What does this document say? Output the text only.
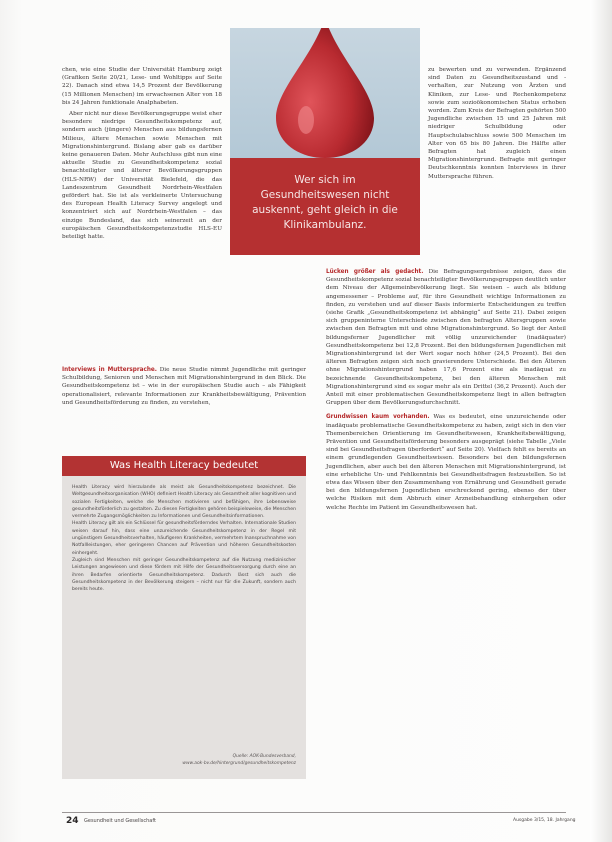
Wer sich im Gesundheitswesen nicht auskennt, geht gleich in die Klinikambulanz.

chen, wie eine Studie der Universität Hamburg zeigt (Grafiken Seite 20/21, Lese- und Wohltipps auf Seite 22). Danach sind etwa 14,5 Prozent der Bevölkerung (15 Millionen Menschen) im erwachsenen Alter von 18 bis 24 Jahren funktionale Analphabeten.

Aber nicht nur diese Bevölkerungsgruppe weist eher besondere niedrige Gesundheitskompetenz auf, sondern auch (jüngere) Menschen aus bildungsfernen Milieus, ältere Menschen sowie Menschen mit Migrationshintergrund. Bislang aber gab es darüber keine genaueren Daten. Mehr Aufschluss gibt nun eine aktuelle Studie zu Gesundheitskompetenz sozial benachteiligter und älterer Bevölkerungsgruppen (HLS-NRW) der Universität Bielefeld, die das Landeszentrum Gesundheit Nordrhein-Westfalen gefördert hat. Sie ist als verkleinerte Untersuchung des European Health Literacy Survey angelegt und konzentriert sich auf Nordrhein-Westfalen – das einzige Bundesland, das sich seinerzeit an der europäischen Gesundheitskompetenzstudie HLS-EU beteiligt hatte.

Interviews in Muttersprache. Die neue Studie nimmt Jugendliche mit geringer Schulbildung, Senioren und Menschen mit Migrationshintergrund in den Blick. Die Gesundheitskompetenz ist – wie in der europäischen Studie auch – als Fähigkeit operationalisiert, relevante Informationen zur Krankheitsbewältigung, Prävention und Gesundheitsförderung zu finden, zu verstehen,

Was Health Literacy bedeutet

Health Literacy wird hierzulande als meist als Gesundheitskompetenz bezeichnet. Die Weltgesundheitsorganisation (WHO) definiert Health Literacy als Gesamtheit aller kognitiven und sozialen Fertigkeiten, welche die Menschen motivieren und befähigen, ihre Lebensweise gesundheitsförderlich zu gestalten. Zu diesen Fertigkeiten gehören beispielsweise, die Menschen vermehrte Zugangsmöglichkeiten zu Informationen und Gesundheitsinformationen.

Health Literacy gilt als ein Schlüssel für gesundheitsförderndes Verhalten. Internationale Studien weisen darauf hin, dass eine unzureichende Gesundheitskompetenz in der Regel mit ungünstigem Gesundheitsverhalten, häufigeren Krankheiten, vermehrtem Inanspruchnahme von Notfallleistungen, eher geringeren Chancen auf Prävention und höheren Gesundheitskosten einhergeht.

Zugleich sind Menschen mit geringer Gesundheitskompetenz auf die Nutzung medizinischer Leistungen angewiesen und diese fördern mit Hilfe der Gesundheitsversorgung durch eine an ihren Bedarfen orientierte Gesundheitskompetenz. Dadurch lässt sich auch die Gesundheitskompetenz in der Bevölkerung steigern – nicht nur für die Zukunft, sondern auch bereits heute.

Quelle: AOK-Bundesverband,
www.aok-bv.de/hintergrund/gesundheitskompetenz

zu bewerten und zu verwenden. Ergänzend sind Daten zu Gesundheitszustand und -verhalten, zur Nutzung von Ärzten und Kliniken, zur Lese- und Rechenkompetenz sowie zum sozioökonomischen Status erhoben worden. Zum Kreis der Befragten gehörten 500 Jugendliche zwischen 15 und 25 Jahren mit niedriger Schulbildung oder Hauptschulabschluss sowie 500 Menschen im Alter von 65 bis 80 Jahren. Die Hälfte aller Befragten hat zugleich einen Migrationshintergrund. Befragte mit geringer Deutschkenntnis konnten Interviews in ihrer Muttersprache führen.

Lücken größer als gedacht. Die Befragungsergebnisse zeigen, dass die Gesundheitskompetenz sozial benachteiligter Bevölkerungsgruppen deutlich unter dem Niveau der Allgemeinbevölkerung liegt. Sie weisen – auch als bildung angemessener – Probleme auf, für ihre Gesundheit wichtige Informationen zu finden, zu verstehen und auf dieser Basis informierte Entscheidungen zu treffen (siehe Grafik „Gesundheitskompetenz ist abhängig“ auf Seite 21). Dabei zeigen sich gruppeninterne Unterschiede zwischen den befragten Altersgruppen sowie zwischen den Befragten mit und ohne Migrationshintergrund. So liegt der Anteil bildungsferner Jugendlicher mit völlig unzureichender (inadäquater) Gesundheitskompetenz bei 12,8 Prozent. Bei den bildungsfernen Jugendlichen mit Migrationshintergrund ist der Wert sogar noch höher (24,5 Prozent). Bei den älteren Befragten zeigen sich noch gravierendere Unterschiede. Bei den Älteren ohne Migrationshintergrund haben 17,6 Prozent eine als inadäquat zu bezeichnende Gesundheitskompetenz, bei den älteren Menschen mit Migrationshintergrund sind es sogar mehr als ein Drittel (36,2 Prozent). Auch der Anteil mit einer problematischen Gesundheitskompetenz liegt in allen befragten Gruppen über dem Bevölkerungsdurchschnitt.

Grundwissen kaum vorhanden. Was es bedeutet, eine unzureichende oder inadäquate problematische Gesundheitskompetenz zu haben, zeigt sich in den vier Themenbereichen Orientierung im Gesundheitswesen, Krankheitsbewältigung, Prävention und Gesundheitsförderung besonders ausgeprägt (siehe Tabelle „Viele sind bei Gesundheitsfragen überfordert“ auf Seite 20). Vielfach fehlt es bereits an einem grundlegenden Gesundheitswissen. Besonders bei den bildungsfernen Jugendlichen, aber auch bei den älteren Menschen mit Migrationshintergrund, ist eine erhebliche Un- und Fehlkenntnis bei Gesundheitsfragen festzustellen. So ist etwa das Wissen über den Zusammenhang von Ernährung und Gesundheit gerade bei den bildungsfernen Jugendlichen erschreckend gering, ebenso der über welche Risiken mit dem Abbruch einer Arzneibehandlung einhergehen oder welche Rechte im Patient im Gesundheitswesen hat.

24 Gesundheit und Gesellschaft	Ausgabe 3/15, 18. Jahrgang
